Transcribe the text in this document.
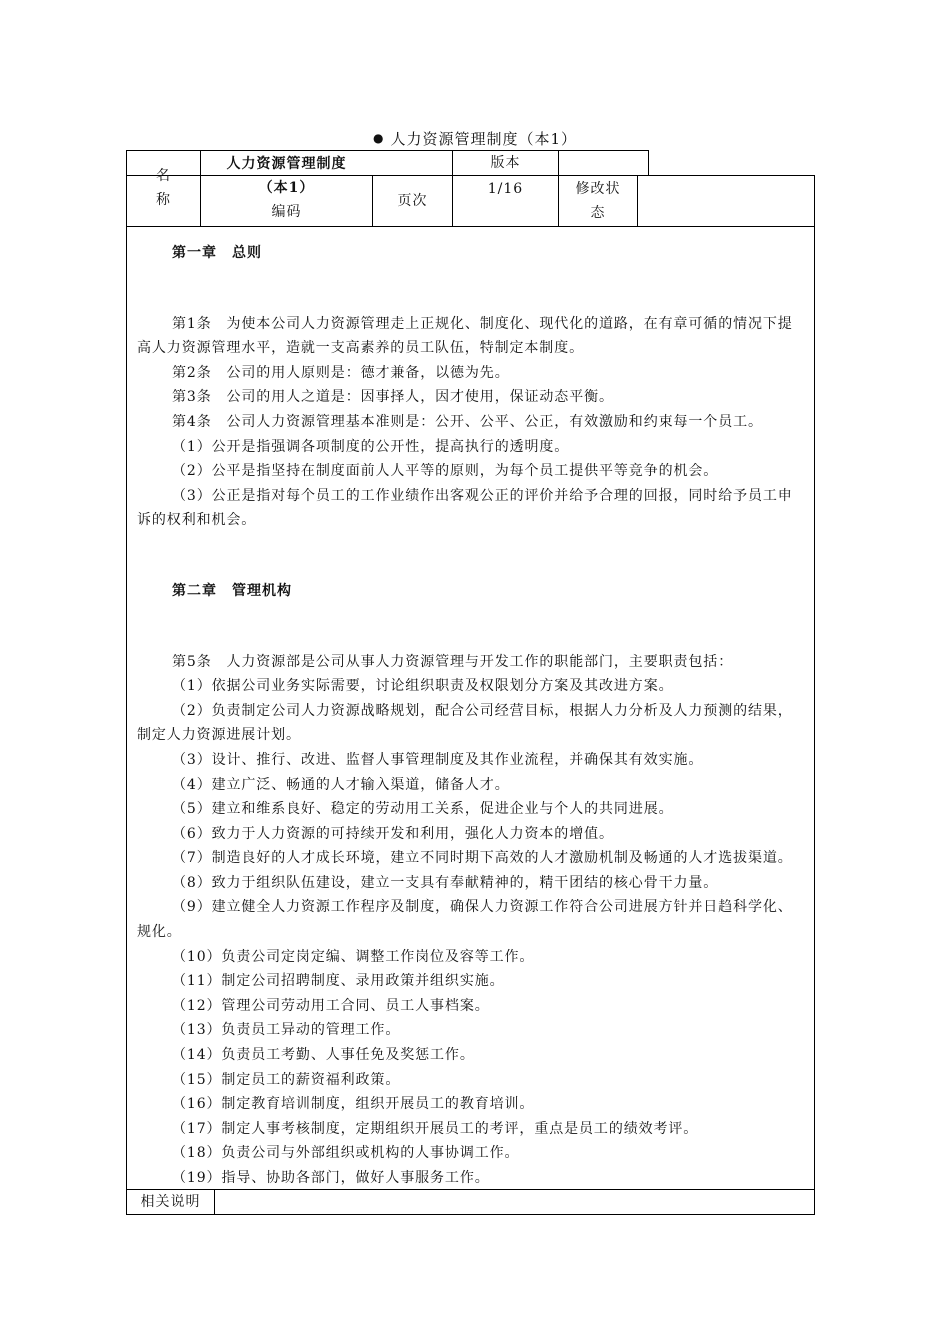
● 人力资源管理制度（本1）
名
称
人力资源管理制度
（本1）
编码
版本
页次
1/16	修改状
态

第一章　总则

第1条　为使本公司人力资源管理走上正规化、制度化、现代化的道路，在有章可循的情况下提高人力资源管理水平，造就一支高素养的员工队伍，特制定本制度。

第2条　公司的用人原则是：德才兼备，以德为先。

第3条　公司的用人之道是：因事择人，因才使用，保证动态平衡。

第4条　公司人力资源管理基本准则是：公开、公平、公正，有效激励和约束每一个员工。

（1）公开是指强调各项制度的公开性，提高执行的透明度。

（2）公平是指坚持在制度面前人人平等的原则，为每个员工提供平等竞争的机会。

（3）公正是指对每个员工的工作业绩作出客观公正的评价并给予合理的回报，同时给予员工申诉的权利和机会。

第二章　管理机构

第5条　人力资源部是公司从事人力资源管理与开发工作的职能部门，主要职责包括：

（1）依据公司业务实际需要，讨论组织职责及权限划分方案及其改进方案。

（2）负责制定公司人力资源战略规划，配合公司经营目标，根据人力分析及人力预测的结果，制定人力资源进展计划。

（3）设计、推行、改进、监督人事管理制度及其作业流程，并确保其有效实施。

（4）建立广泛、畅通的人才输入渠道，储备人才。

（5）建立和维系良好、稳定的劳动用工关系，促进企业与个人的共同进展。

（6）致力于人力资源的可持续开发和利用，强化人力资本的增值。

（7）制造良好的人才成长环境，建立不同时期下高效的人才激励机制及畅通的人才选拔渠道。

（8）致力于组织队伍建设，建立一支具有奉献精神的，精干团结的核心骨干力量。

（9）建立健全人力资源工作程序及制度，确保人力资源工作符合公司进展方针并日趋科学化、规化。

（10）负责公司定岗定编、调整工作岗位及容等工作。

（11）制定公司招聘制度、录用政策并组织实施。

（12）管理公司劳动用工合同、员工人事档案。

（13）负责员工异动的管理工作。

（14）负责员工考勤、人事任免及奖惩工作。

（15）制定员工的薪资福利政策。

（16）制定教育培训制度，组织开展员工的教育培训。

（17）制定人事考核制度，定期组织开展员工的考评，重点是员工的绩效考评。

（18）负责公司与外部组织或机构的人事协调工作。

（19）指导、协助各部门，做好人事服务工作。

相关说明
